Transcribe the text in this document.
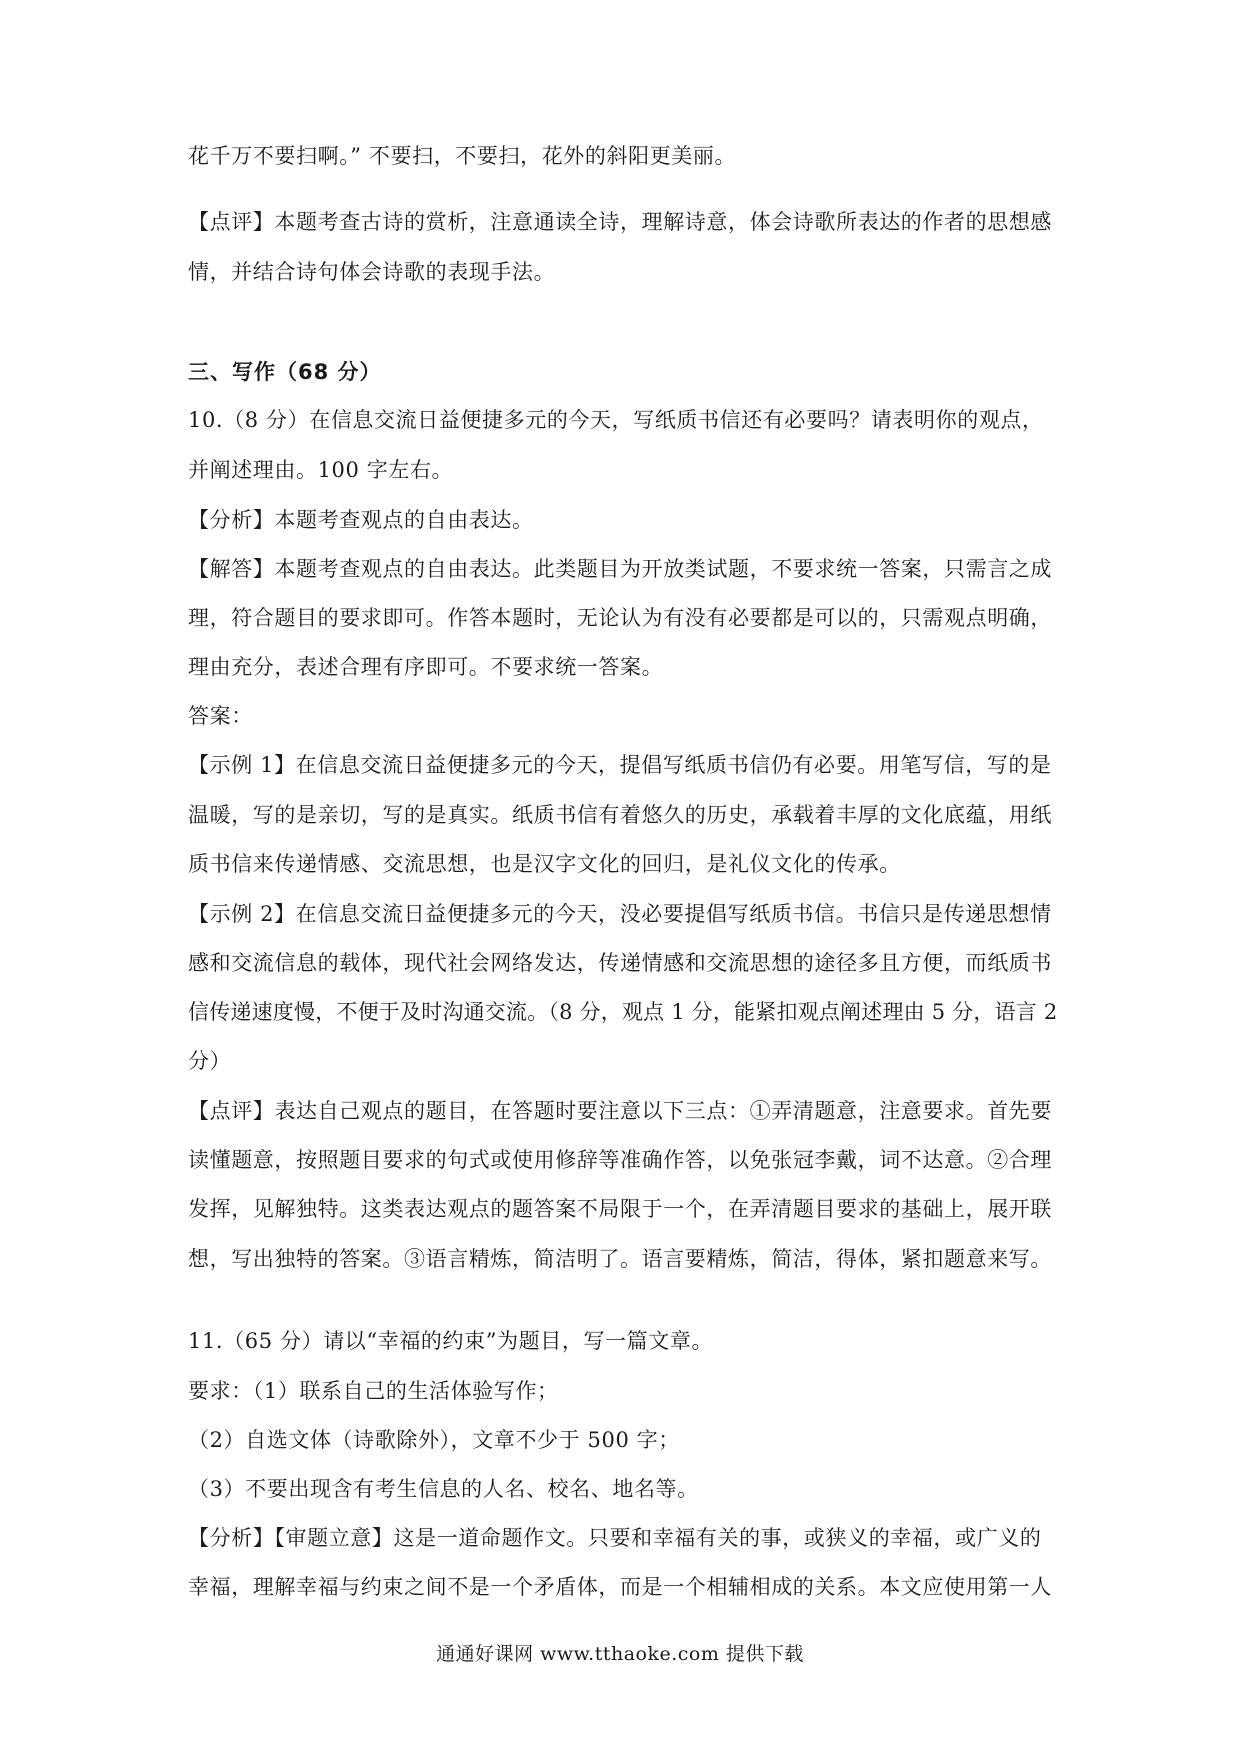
花千万不要扫啊。” 不要扫，不要扫，花外的斜阳更美丽。
【点评】本题考查古诗的赏析，注意通读全诗，理解诗意，体会诗歌所表达的作者的思想感
情，并结合诗句体会诗歌的表现手法。
三、写作（68 分）
10.（8 分）在信息交流日益便捷多元的今天，写纸质书信还有必要吗？请表明你的观点，
并阐述理由。100 字左右。
【分析】本题考查观点的自由表达。
【解答】本题考查观点的自由表达。此类题目为开放类试题，不要求统一答案，只需言之成
理，符合题目的要求即可。作答本题时，无论认为有没有必要都是可以的，只需观点明确，
理由充分，表述合理有序即可。不要求统一答案。
答案：
【示例 1】在信息交流日益便捷多元的今天，提倡写纸质书信仍有必要。用笔写信，写的是
温暖，写的是亲切，写的是真实。纸质书信有着悠久的历史，承载着丰厚的文化底蕴，用纸
质书信来传递情感、交流思想，也是汉字文化的回归，是礼仪文化的传承。
【示例 2】在信息交流日益便捷多元的今天，没必要提倡写纸质书信。书信只是传递思想情
感和交流信息的载体，现代社会网络发达，传递情感和交流思想的途径多且方便，而纸质书
信传递速度慢，不便于及时沟通交流。（8 分，观点 1 分，能紧扣观点阐述理由 5 分，语言 2
分）
【点评】表达自己观点的题目，在答题时要注意以下三点：①弄清题意，注意要求。首先要
读懂题意，按照题目要求的句式或使用修辞等准确作答，以免张冠李戴，词不达意。②合理
发挥，见解独特。这类表达观点的题答案不局限于一个，在弄清题目要求的基础上，展开联
想，写出独特的答案。③语言精炼，简洁明了。语言要精炼，简洁，得体，紧扣题意来写。
11.（65 分）请以“幸福的约束”为题目，写一篇文章。
要求：（1）联系自己的生活体验写作；
（2）自选文体（诗歌除外），文章不少于 500 字；
（3）不要出现含有考生信息的人名、校名、地名等。
【分析】【审题立意】这是一道命题作文。只要和幸福有关的事，或狭义的幸福，或广义的
幸福，理解幸福与约束之间不是一个矛盾体，而是一个相辅相成的关系。本文应使用第一人
通通好课网 www.tthaoke.com 提供下载
